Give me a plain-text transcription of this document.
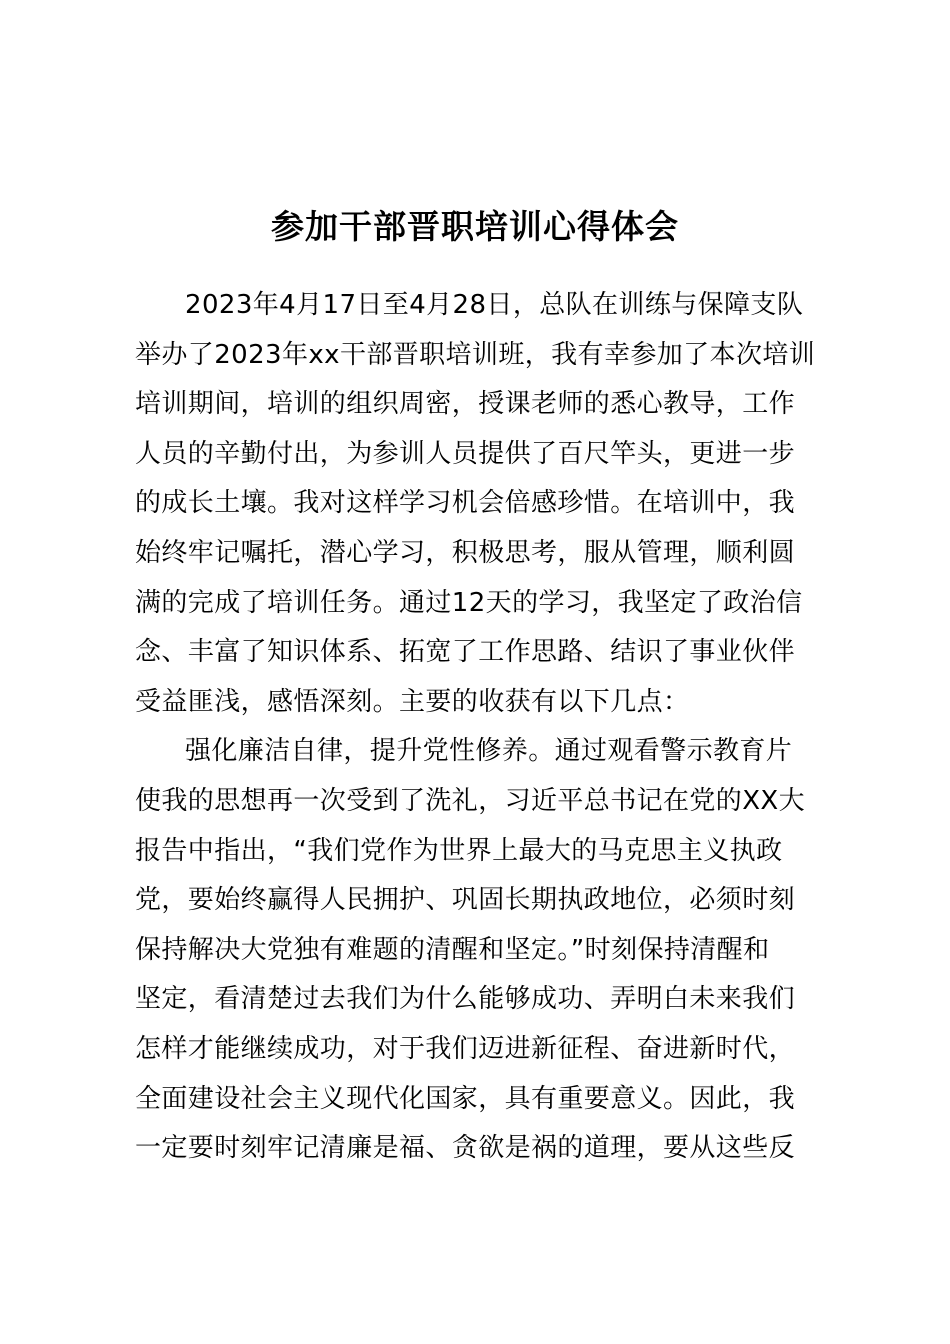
参加干部晋职培训心得体会
2023年4月17日至4月28日，总队在训练与保障支队
举办了2023年xx干部晋职培训班，我有幸参加了本次培训
培训期间，培训的组织周密，授课老师的悉心教导，工作
人员的辛勤付出，为参训人员提供了百尺竿头，更进一步
的成长土壤。我对这样学习机会倍感珍惜。在培训中，我
始终牢记嘱托，潜心学习，积极思考，服从管理，顺利圆
满的完成了培训任务。通过12天的学习，我坚定了政治信
念、丰富了知识体系、拓宽了工作思路、结识了事业伙伴
受益匪浅，感悟深刻。主要的收获有以下几点：
强化廉洁自律，提升党性修养。通过观看警示教育片
使我的思想再一次受到了洗礼，习近平总书记在党的XX大
报告中指出，“我们党作为世界上最大的马克思主义执政
党，要始终赢得人民拥护、巩固长期执政地位，必须时刻
保持解决大党独有难题的清醒和坚定。”时刻保持清醒和
坚定，看清楚过去我们为什么能够成功、弄明白未来我们
怎样才能继续成功，对于我们迈进新征程、奋进新时代，
全面建设社会主义现代化国家，具有重要意义。因此，我
一定要时刻牢记清廉是福、贪欲是祸的道理，要从这些反
